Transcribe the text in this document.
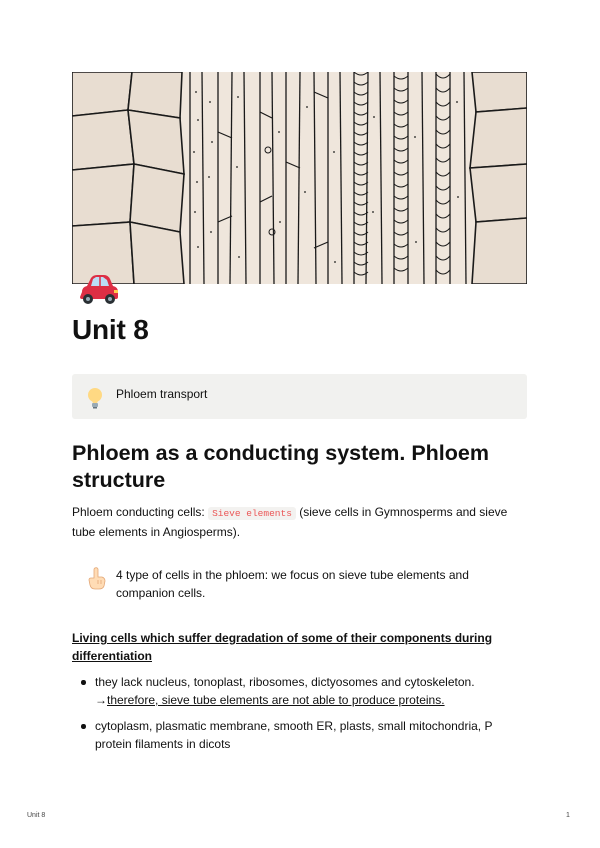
Unit 8
Phloem transport
Phloem as a conducting system. Phloem structure

Phloem conducting cells: Sieve elements (sieve cells in Gymnosperms and sieve tube elements in Angiosperms).

4 type of cells in the phloem: we focus on sieve tube elements and companion cells.

Living cells which suffer degradation of some of their components during differentiation

they lack nucleus, tonoplast, ribosomes, dictyosomes and cytoskeleton.
→therefore, sieve tube elements are not able to produce proteins.
cytoplasm, plasmatic membrane, smooth ER, plasts, small mitochondria, P protein filaments in dicots
Unit 8	1
